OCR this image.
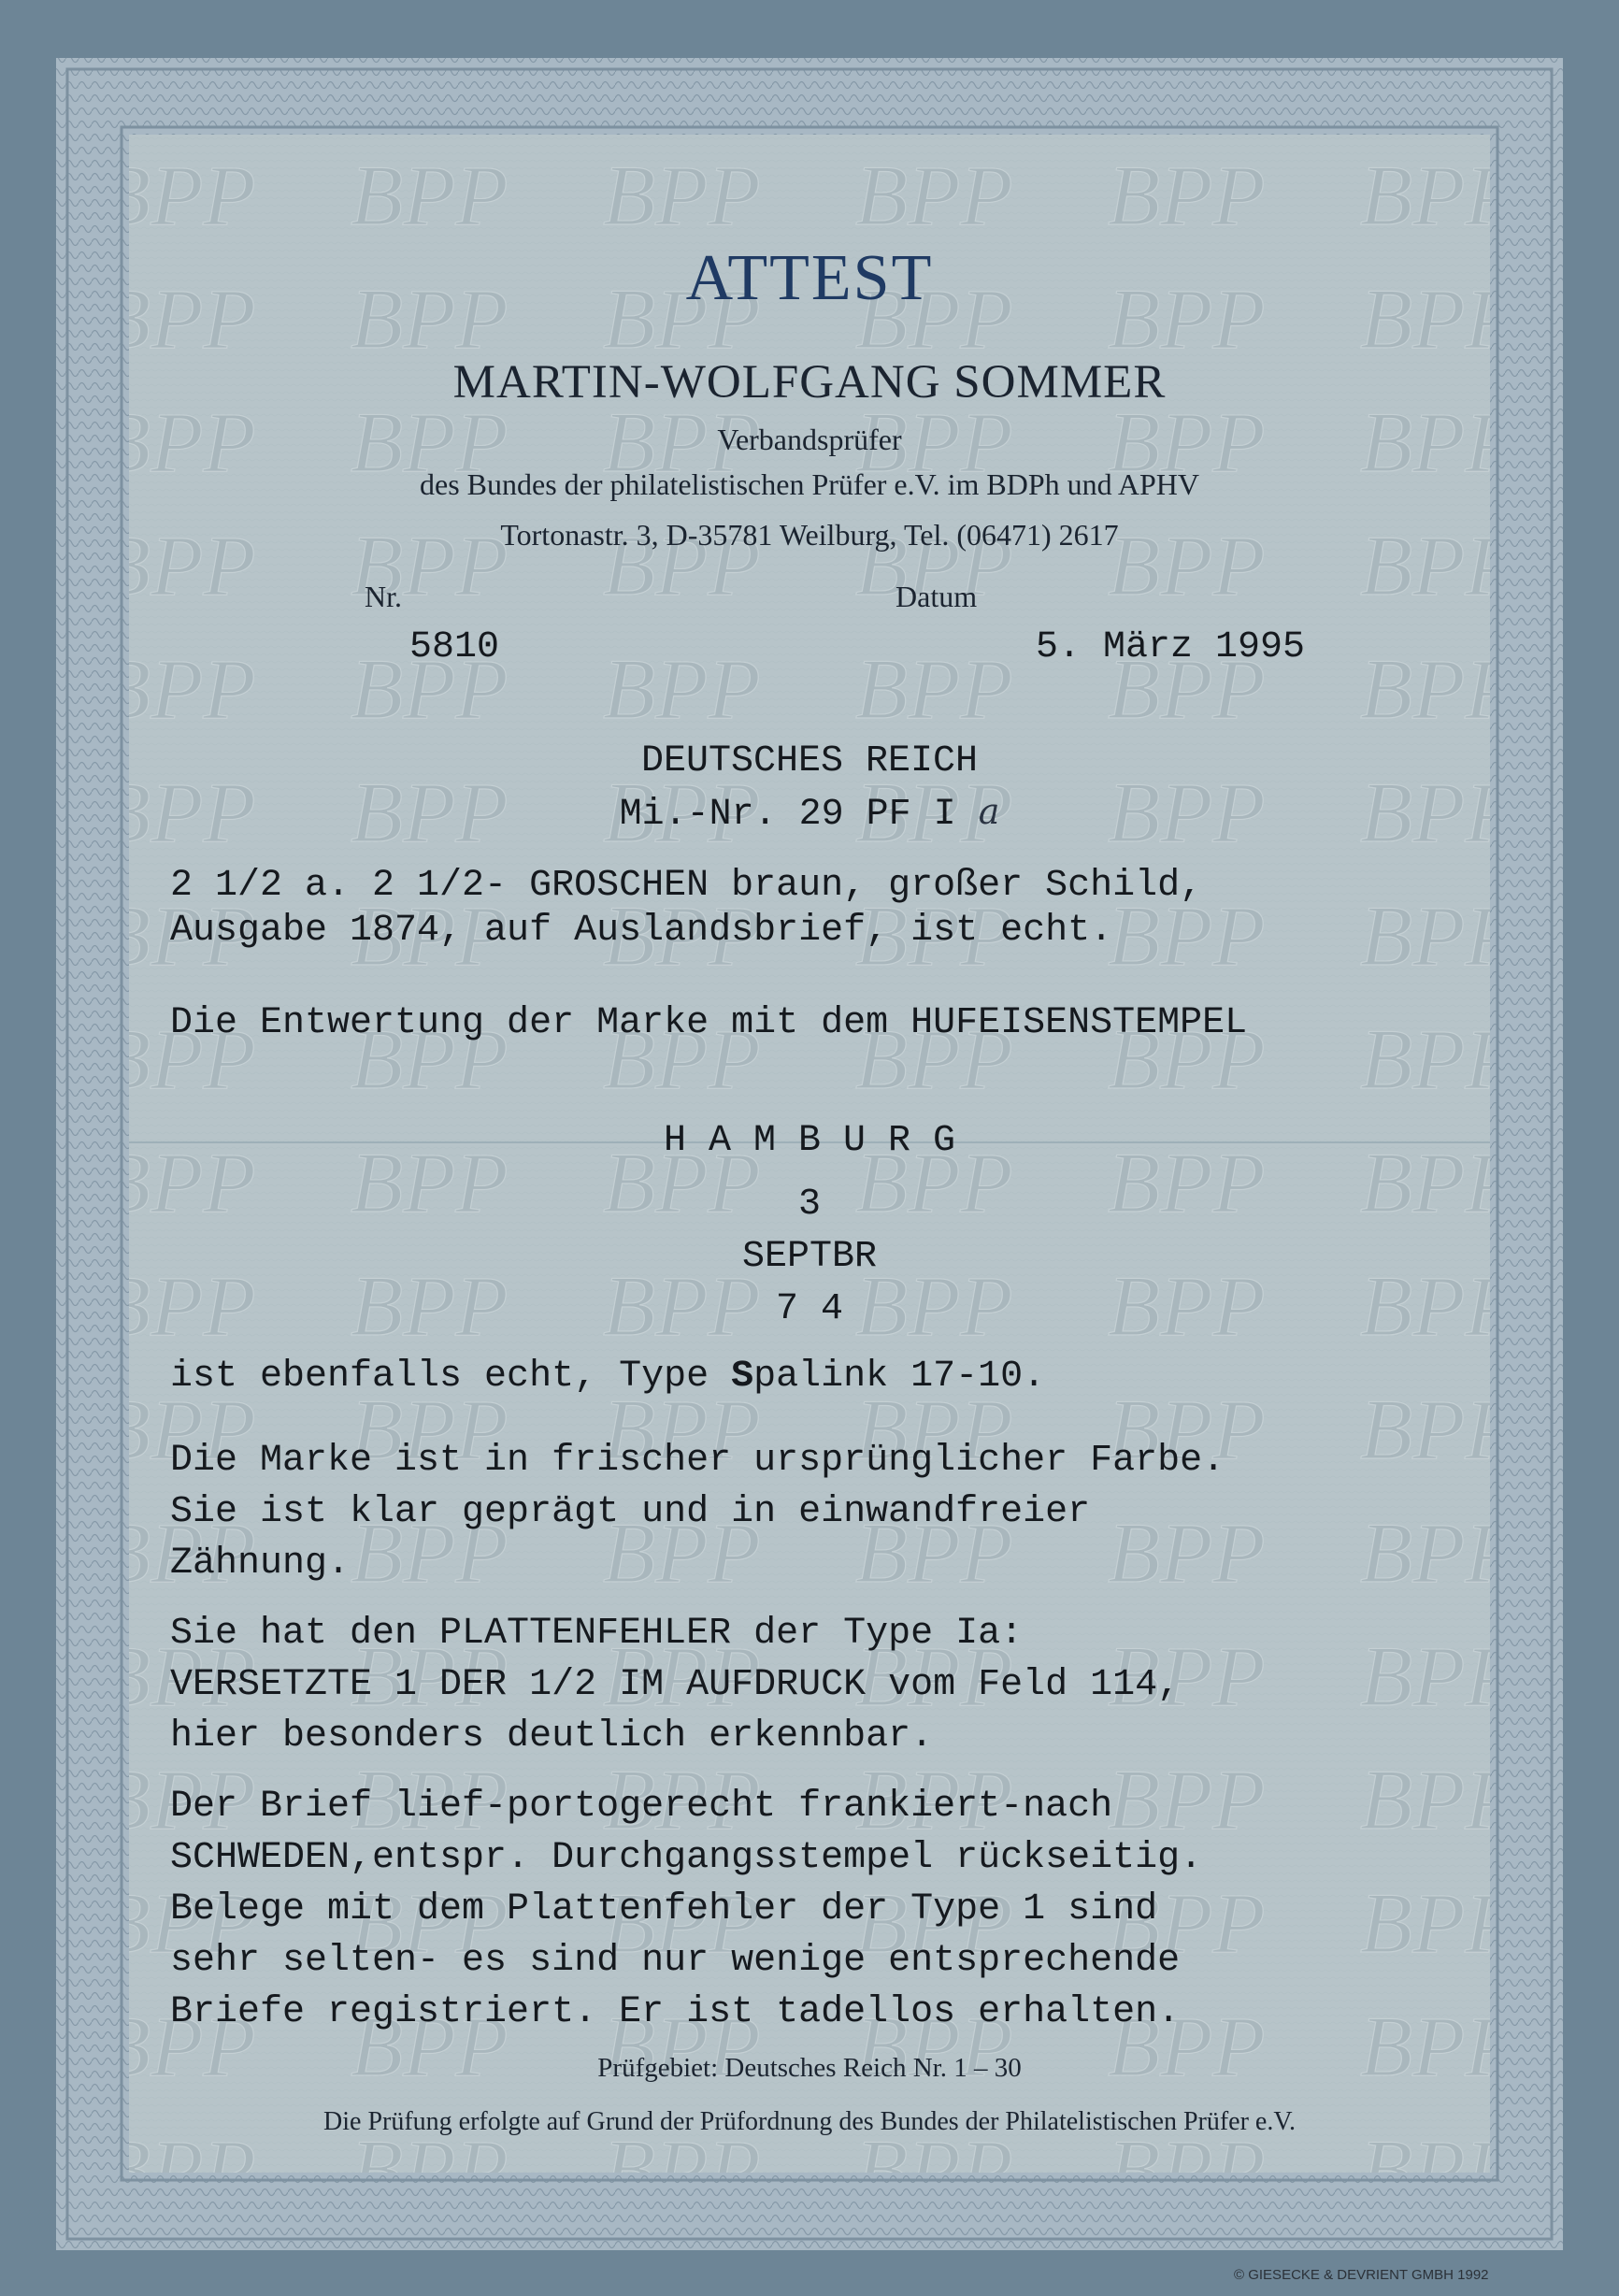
ATTEST
MARTIN-WOLFGANG SOMMER
Verbandsprüfer
des Bundes der philatelistischen Prüfer e.V. im BDPh und APHV
Tortonastr. 3, D-35781 Weilburg, Tel. (06471) 2617
Nr.	Datum
5810	5. März 1995
DEUTSCHES REICH
Mi.-Nr. 29 PF I a
2 1/2 a. 2 1/2- GROSCHEN braun, großer Schild,
Ausgabe 1874, auf Auslandsbrief, ist echt.
Die Entwertung der Marke mit dem HUFEISENSTEMPEL
H A M B U R G
3
SEPTBR
7 4
ist ebenfalls echt, Type Spalink 17-10.
Die Marke ist in frischer ursprünglicher Farbe.
Sie ist klar geprägt und in einwandfreier
Zähnung.
Sie hat den PLATTENFEHLER der Type Ia:
VERSETZTE 1 DER 1/2 IM AUFDRUCK vom Feld 114,
hier besonders deutlich erkennbar.
Der Brief lief-portogerecht frankiert-nach
SCHWEDEN,entspr. Durchgangsstempel rückseitig.
Belege mit dem Plattenfehler der Type 1 sind
sehr selten- es sind nur wenige entsprechende
Briefe registriert. Er ist tadellos erhalten.
Prüfgebiet: Deutsches Reich Nr. 1 – 30
Die Prüfung erfolgte auf Grund der Prüfordnung des Bundes der Philatelistischen Prüfer e.V.
© GIESECKE & DEVRIENT GMBH 1992
